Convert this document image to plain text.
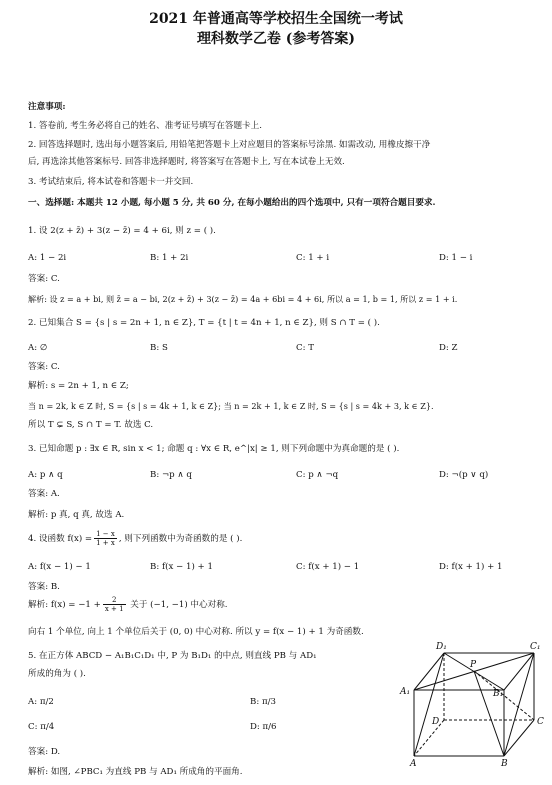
2021 年普通高等学校招生全国统一考试
理科数学乙卷 (参考答案)
注意事项:
1. 答卷前, 考生务必将自己的姓名、准考证号填写在答题卡上.
2. 回答选择题时, 选出每小题答案后, 用铅笔把答题卡上对应题目的答案标号涂黑. 如需改动, 用橡皮擦干净
后, 再选涂其他答案标号. 回答非选择题时, 将答案写在答题卡上, 写在本试卷上无效.
3. 考试结束后, 将本试卷和答题卡一并交回.
一、选择题: 本题共 12 小题, 每小题 5 分, 共 60 分, 在每小题给出的四个选项中, 只有一项符合题目要求.
1. 设 2(z + z̄) + 3(z − z̄) = 4 + 6i, 则 z = ( ).
A: 1 − 2i	B: 1 + 2i	C: 1 + i	D: 1 − i
答案: C.
解析: 设 z = a + bi, 则 z̄ = a − bi, 2(z + z̄) + 3(z − z̄) = 4a + 6bi = 4 + 6i, 所以 a = 1, b = 1, 所以 z = 1 + i.
2. 已知集合 S = {s | s = 2n + 1, n ∈ Z}, T = {t | t = 4n + 1, n ∈ Z}, 则 S ∩ T = ( ).
A: ∅	B: S	C: T	D: Z
答案: C.
解析: s = 2n + 1, n ∈ Z;
当 n = 2k, k ∈ Z 时, S = {s | s = 4k + 1, k ∈ Z}; 当 n = 2k + 1, k ∈ Z 时, S = {s | s = 4k + 3, k ∈ Z}.
所以 T ⊊ S, S ∩ T = T. 故选 C.
3. 已知命题 p : ∃x ∈ R, sin x < 1; 命题 q : ∀x ∈ R, e^|x| ≥ 1, 则下列命题中为真命题的是 ( ).
A: p ∧ q	B: ¬p ∧ q	C: p ∧ ¬q	D: ¬(p ∨ q)
答案: A.
解析: p 真, q 真, 故选 A.
4. 设函数 $f(x) = \frac{1 - x}{1 + x}$ , 则下列函数中为奇函数的是 ( ).
A: f(x − 1) − 1	B: f(x − 1) + 1	C: f(x + 1) − 1	D: f(x + 1) + 1
答案: B.
解析: $f(x) = -1 + \frac{2}{x + 1}$ 关于 (−1, −1) 中心对称.
向右 1 个单位, 向上 1 个单位后关于 (0, 0) 中心对称. 所以 y = f(x − 1) + 1 为奇函数.
5. 在正方体 ABCD − A₁B₁C₁D₁ 中, P 为 B₁D₁ 的中点, 则直线 PB 与 AD₁
所成的角为 ( ).
A: π/2	B: π/3
C: π/4	D: π/6
答案: D.
解析: 如图, ∠PBC₁ 为直线 PB 与 AD₁ 所成角的平面角.
D₁	C₁
P
A₁	B₁
D	C
A	B
